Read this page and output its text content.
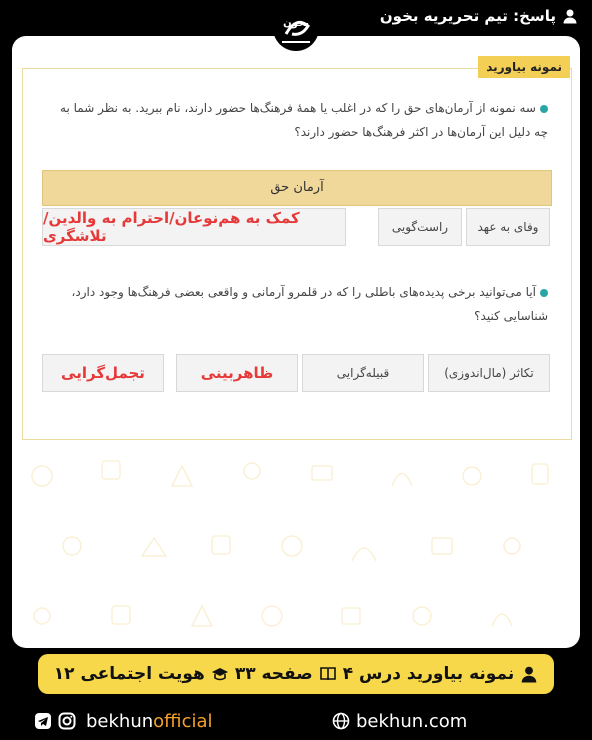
پاسخ: تیم تحریریه بخون
نمونه بیاورید
سه نمونه از آرمان‌های حق را که در اغلب یا همهٔ فرهنگ‌ها حضور دارند، نام ببرید. به نظر شما به چه دلیل این آرمان‌ها در اکثر فرهنگ‌ها حضور دارند؟
آرمان حق
وفای به عهد
راست‌گویی
کمک به هم‌نوعان/احترام به والدین/تلاشگری
آیا می‌توانید برخی پدیده‌های باطلی را که در قلمرو آرمانی و واقعی بعضی فرهنگ‌ها وجود دارد، شناسایی کنید؟
تکاثر (مال‌اندوزی)
قبیله‌گرایی
ظاهربینی
تجمل‌گرایی
بخون
نمونه بیاورید درس ۴
صفحه ۳۳
هویت اجتماعی ۱۲
bekhunofficial	bekhun.com
